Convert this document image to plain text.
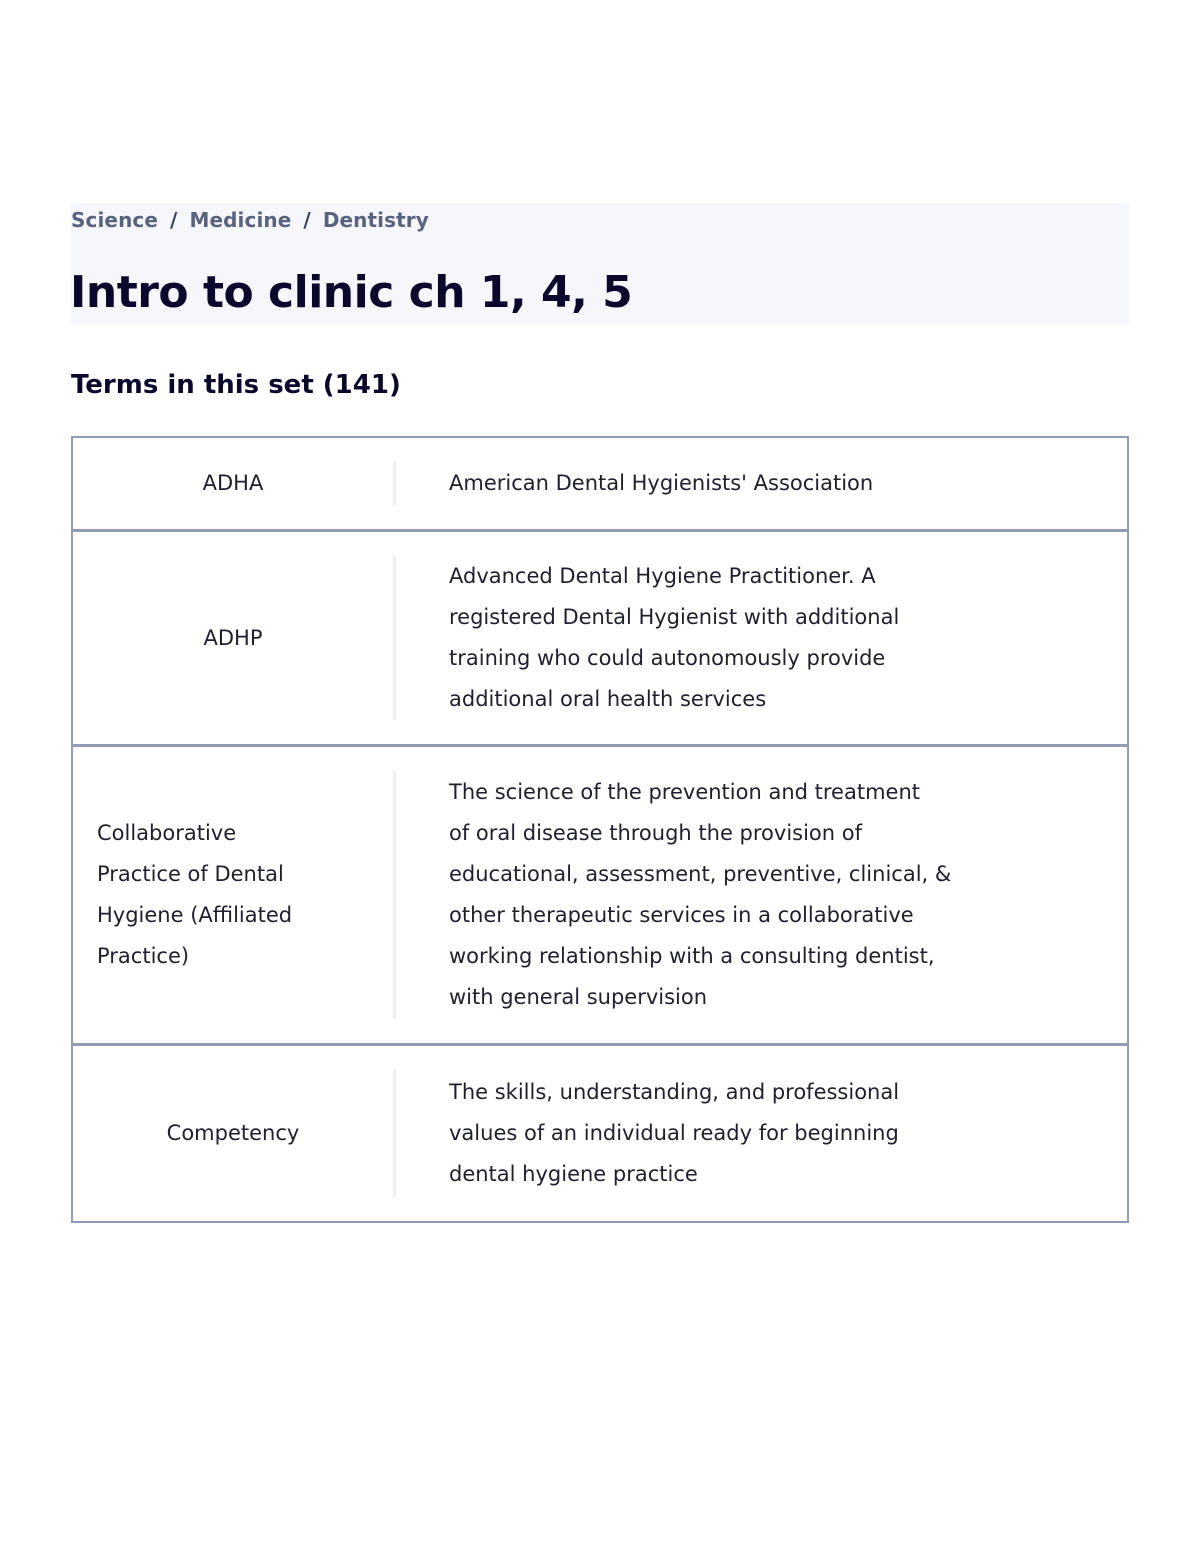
Science / Medicine / Dentistry
Intro to clinic ch 1, 4, 5
Terms in this set (141)
ADHA	American Dental Hygienists' Association
ADHP
Advanced Dental Hygiene Practitioner. A
registered Dental Hygienist with additional
training who could autonomously provide
additional oral health services
Collaborative
Practice of Dental
Hygiene (Affiliated
Practice)
The science of the prevention and treatment
of oral disease through the provision of
educational, assessment, preventive, clinical, &
other therapeutic services in a collaborative
working relationship with a consulting dentist,
with general supervision
Competency
The skills, understanding, and professional
values of an individual ready for beginning
dental hygiene practice
